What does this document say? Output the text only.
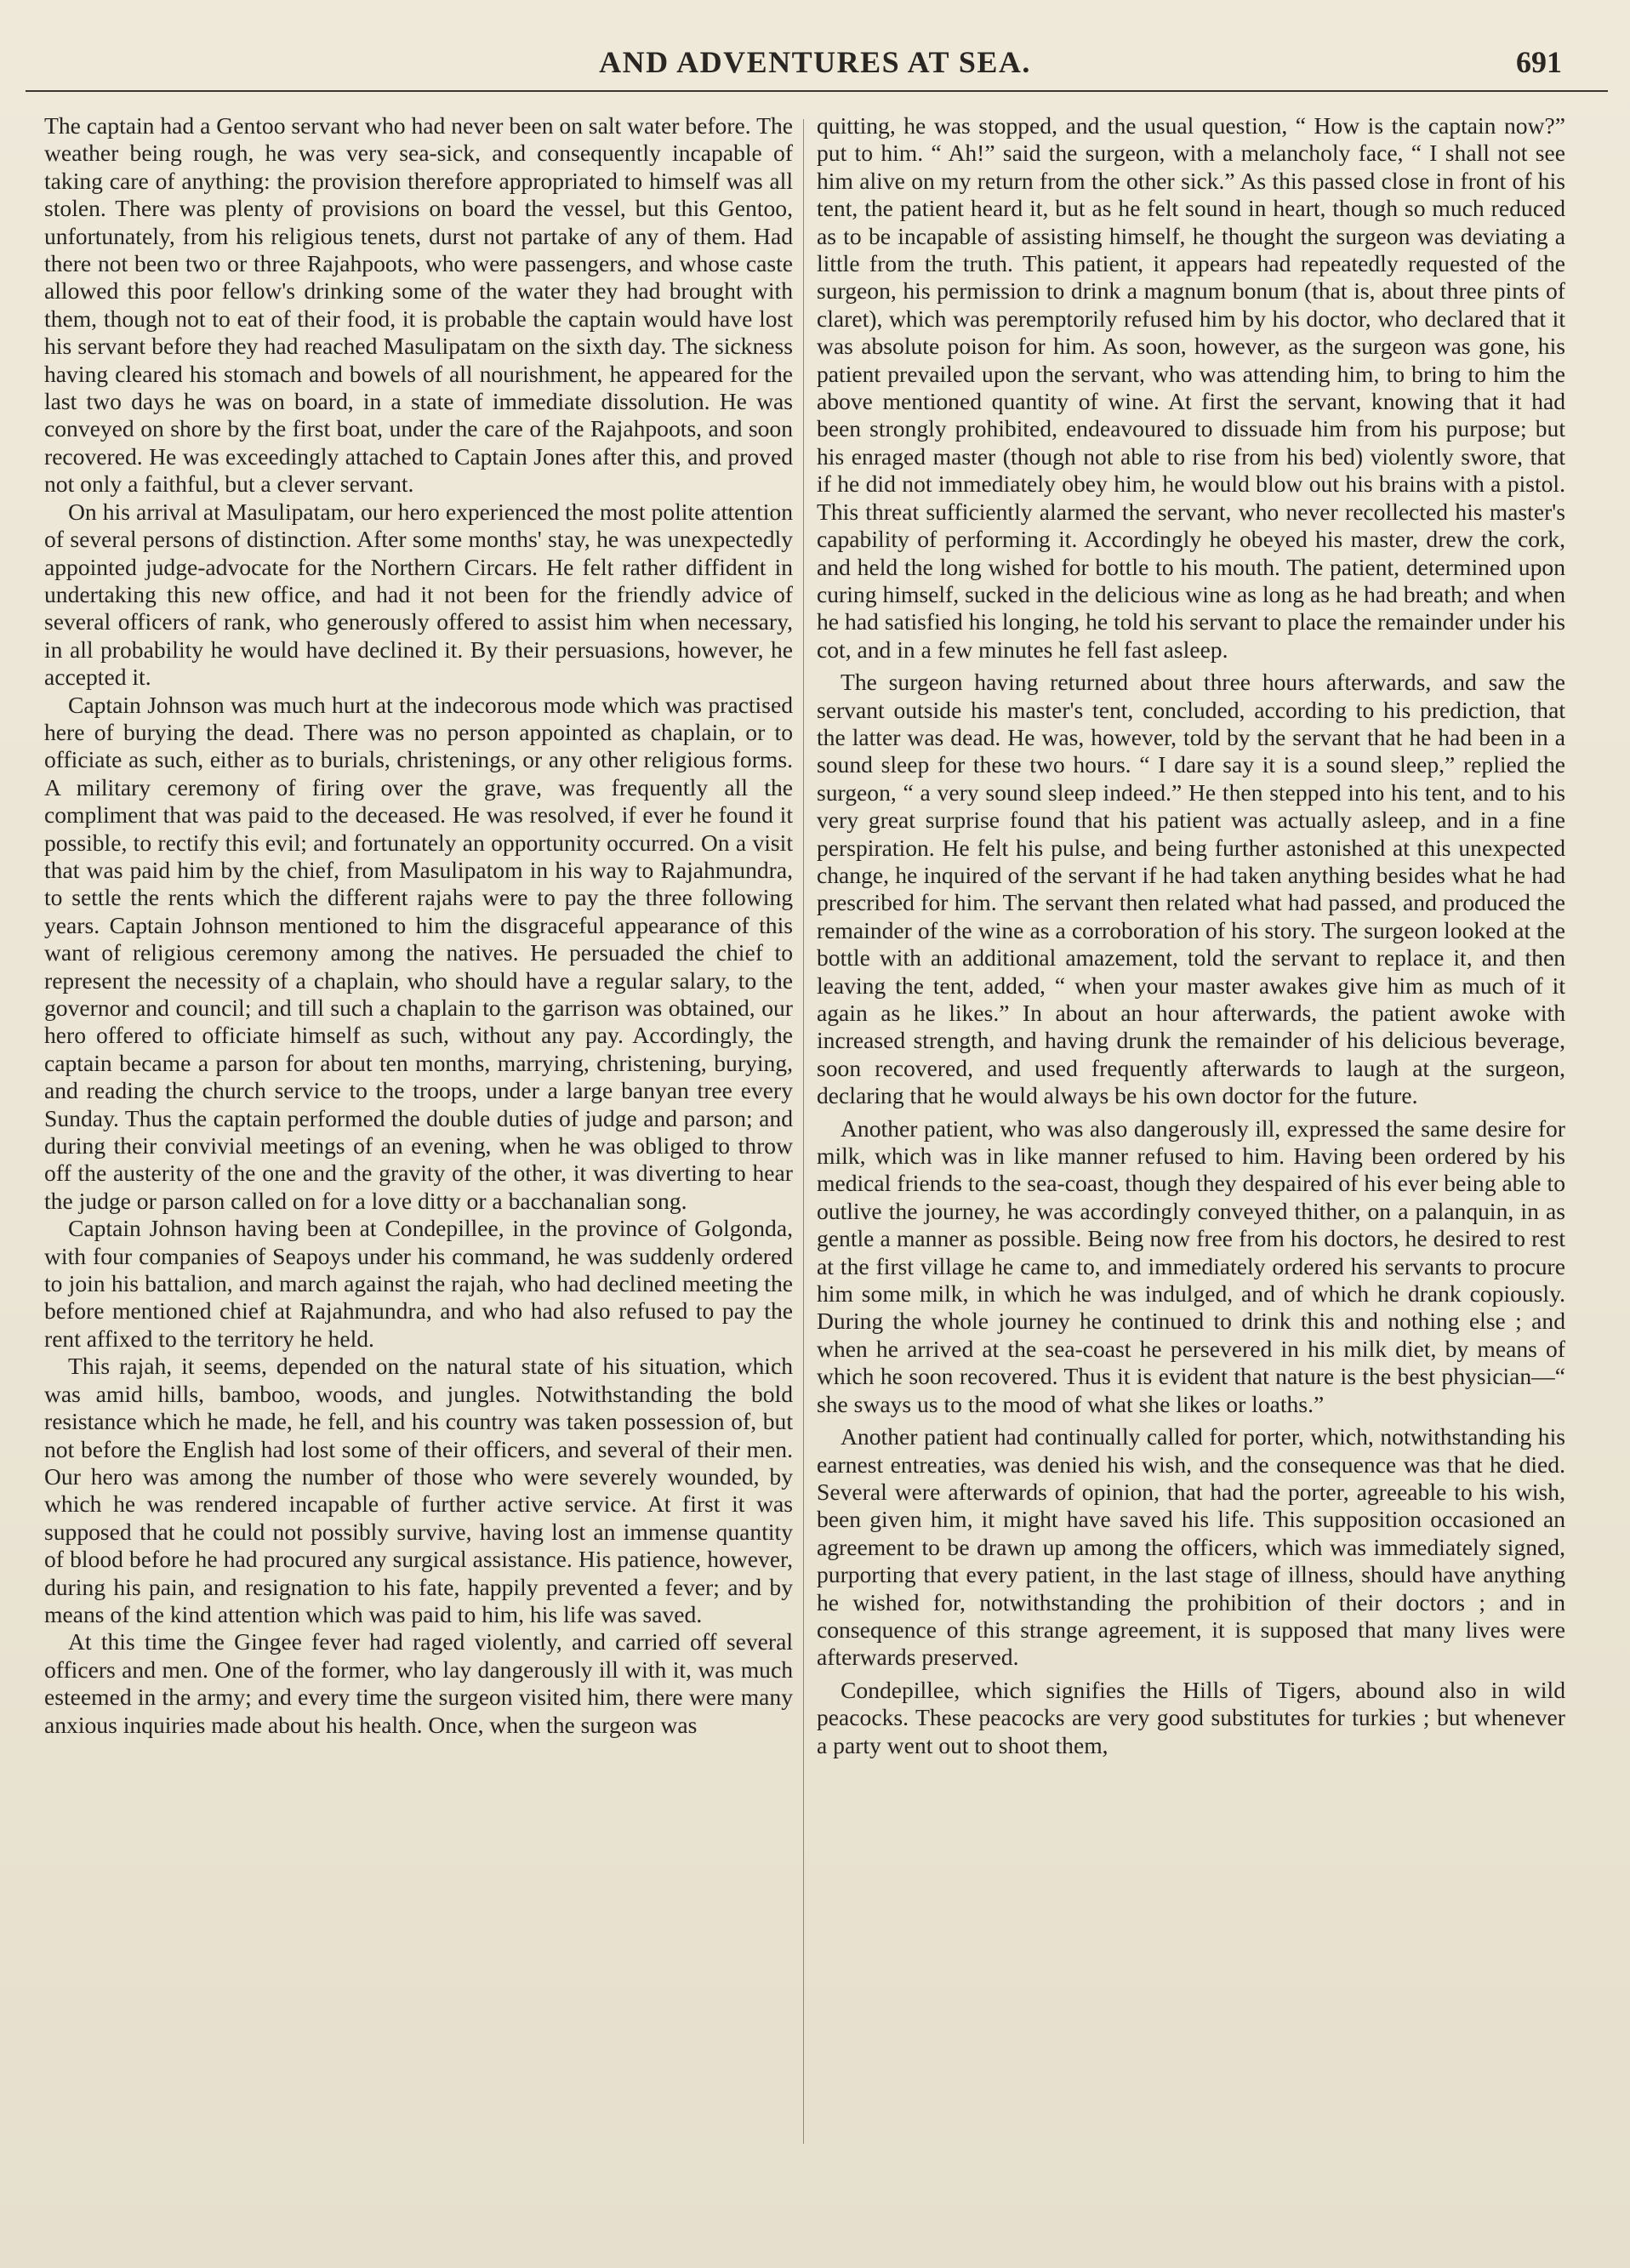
AND ADVENTURES AT SEA.	691

The captain had a Gentoo servant who had never been on salt water before. The weather being rough, he was very sea-sick, and consequently incapable of taking care of anything: the provision therefore appropriated to himself was all stolen. There was plenty of provisions on board the vessel, but this Gentoo, unfortunately, from his religious tenets, durst not partake of any of them. Had there not been two or three Rajahpoots, who were passengers, and whose caste allowed this poor fellow's drinking some of the water they had brought with them, though not to eat of their food, it is probable the captain would have lost his servant before they had reached Masulipatam on the sixth day. The sickness having cleared his stomach and bowels of all nourishment, he appeared for the last two days he was on board, in a state of immediate dissolution. He was conveyed on shore by the first boat, under the care of the Rajahpoots, and soon recovered. He was exceedingly attached to Captain Jones after this, and proved not only a faithful, but a clever servant.

On his arrival at Masulipatam, our hero experienced the most polite attention of several persons of distinction. After some months' stay, he was unexpectedly appointed judge-advocate for the Northern Circars. He felt rather diffident in undertaking this new office, and had it not been for the friendly advice of several officers of rank, who generously offered to assist him when necessary, in all probability he would have declined it. By their persuasions, however, he accepted it.

Captain Johnson was much hurt at the indecorous mode which was practised here of burying the dead. There was no person appointed as chaplain, or to officiate as such, either as to burials, christenings, or any other religious forms. A military ceremony of firing over the grave, was frequently all the compliment that was paid to the deceased. He was resolved, if ever he found it possible, to rectify this evil; and fortunately an opportunity occurred. On a visit that was paid him by the chief, from Masulipatom in his way to Rajahmundra, to settle the rents which the different rajahs were to pay the three following years. Captain Johnson mentioned to him the disgraceful appearance of this want of religious ceremony among the natives. He persuaded the chief to represent the necessity of a chaplain, who should have a regular salary, to the governor and council; and till such a chaplain to the garrison was obtained, our hero offered to officiate himself as such, without any pay. Accordingly, the captain became a parson for about ten months, marrying, christening, burying, and reading the church service to the troops, under a large banyan tree every Sunday. Thus the captain performed the double duties of judge and parson; and during their convivial meetings of an evening, when he was obliged to throw off the austerity of the one and the gravity of the other, it was diverting to hear the judge or parson called on for a love ditty or a bacchanalian song.

Captain Johnson having been at Condepillee, in the province of Golgonda, with four companies of Seapoys under his command, he was suddenly ordered to join his battalion, and march against the rajah, who had declined meeting the before mentioned chief at Rajahmundra, and who had also refused to pay the rent affixed to the territory he held.

This rajah, it seems, depended on the natural state of his situation, which was amid hills, bamboo, woods, and jungles. Notwithstanding the bold resistance which he made, he fell, and his country was taken possession of, but not before the English had lost some of their officers, and several of their men. Our hero was among the number of those who were severely wounded, by which he was rendered incapable of further active service. At first it was supposed that he could not possibly survive, having lost an immense quantity of blood before he had procured any surgical assistance. His patience, however, during his pain, and resignation to his fate, happily prevented a fever; and by means of the kind attention which was paid to him, his life was saved.

At this time the Gingee fever had raged violently, and carried off several officers and men. One of the former, who lay dangerously ill with it, was much esteemed in the army; and every time the surgeon visited him, there were many anxious inquiries made about his health. Once, when the surgeon was

quitting, he was stopped, and the usual question, “ How is the captain now?” put to him. “ Ah!” said the surgeon, with a melancholy face, “ I shall not see him alive on my return from the other sick.” As this passed close in front of his tent, the patient heard it, but as he felt sound in heart, though so much reduced as to be incapable of assisting himself, he thought the surgeon was deviating a little from the truth. This patient, it appears had repeatedly requested of the surgeon, his permission to drink a magnum bonum (that is, about three pints of claret), which was peremptorily refused him by his doctor, who declared that it was absolute poison for him. As soon, however, as the surgeon was gone, his patient prevailed upon the servant, who was attending him, to bring to him the above mentioned quantity of wine. At first the servant, knowing that it had been strongly prohibited, endeavoured to dissuade him from his purpose; but his enraged master (though not able to rise from his bed) violently swore, that if he did not immediately obey him, he would blow out his brains with a pistol. This threat sufficiently alarmed the servant, who never recollected his master's capability of performing it. Accordingly he obeyed his master, drew the cork, and held the long wished for bottle to his mouth. The patient, determined upon curing himself, sucked in the delicious wine as long as he had breath; and when he had satisfied his longing, he told his servant to place the remainder under his cot, and in a few minutes he fell fast asleep.

The surgeon having returned about three hours afterwards, and saw the servant outside his master's tent, concluded, according to his prediction, that the latter was dead. He was, however, told by the servant that he had been in a sound sleep for these two hours. “ I dare say it is a sound sleep,” replied the surgeon, “ a very sound sleep indeed.” He then stepped into his tent, and to his very great surprise found that his patient was actually asleep, and in a fine perspiration. He felt his pulse, and being further astonished at this unexpected change, he inquired of the servant if he had taken anything besides what he had prescribed for him. The servant then related what had passed, and produced the remainder of the wine as a corroboration of his story. The surgeon looked at the bottle with an additional amazement, told the servant to replace it, and then leaving the tent, added, “ when your master awakes give him as much of it again as he likes.” In about an hour afterwards, the patient awoke with increased strength, and having drunk the remainder of his delicious beverage, soon recovered, and used frequently afterwards to laugh at the surgeon, declaring that he would always be his own doctor for the future.

Another patient, who was also dangerously ill, expressed the same desire for milk, which was in like manner refused to him. Having been ordered by his medical friends to the sea-coast, though they despaired of his ever being able to outlive the journey, he was accordingly conveyed thither, on a palanquin, in as gentle a manner as possible. Being now free from his doctors, he desired to rest at the first village he came to, and immediately ordered his servants to procure him some milk, in which he was indulged, and of which he drank copiously. During the whole journey he continued to drink this and nothing else ; and when he arrived at the sea-coast he persevered in his milk diet, by means of which he soon recovered. Thus it is evident that nature is the best physician—“ she sways us to the mood of what she likes or loaths.”

Another patient had continually called for porter, which, notwithstanding his earnest entreaties, was denied his wish, and the consequence was that he died. Several were afterwards of opinion, that had the porter, agreeable to his wish, been given him, it might have saved his life. This supposition occasioned an agreement to be drawn up among the officers, which was immediately signed, purporting that every patient, in the last stage of illness, should have anything he wished for, notwithstanding the prohibition of their doctors ; and in consequence of this strange agreement, it is supposed that many lives were afterwards preserved.

Condepillee, which signifies the Hills of Tigers, abound also in wild peacocks. These peacocks are very good substitutes for turkies ; but whenever a party went out to shoot them,
